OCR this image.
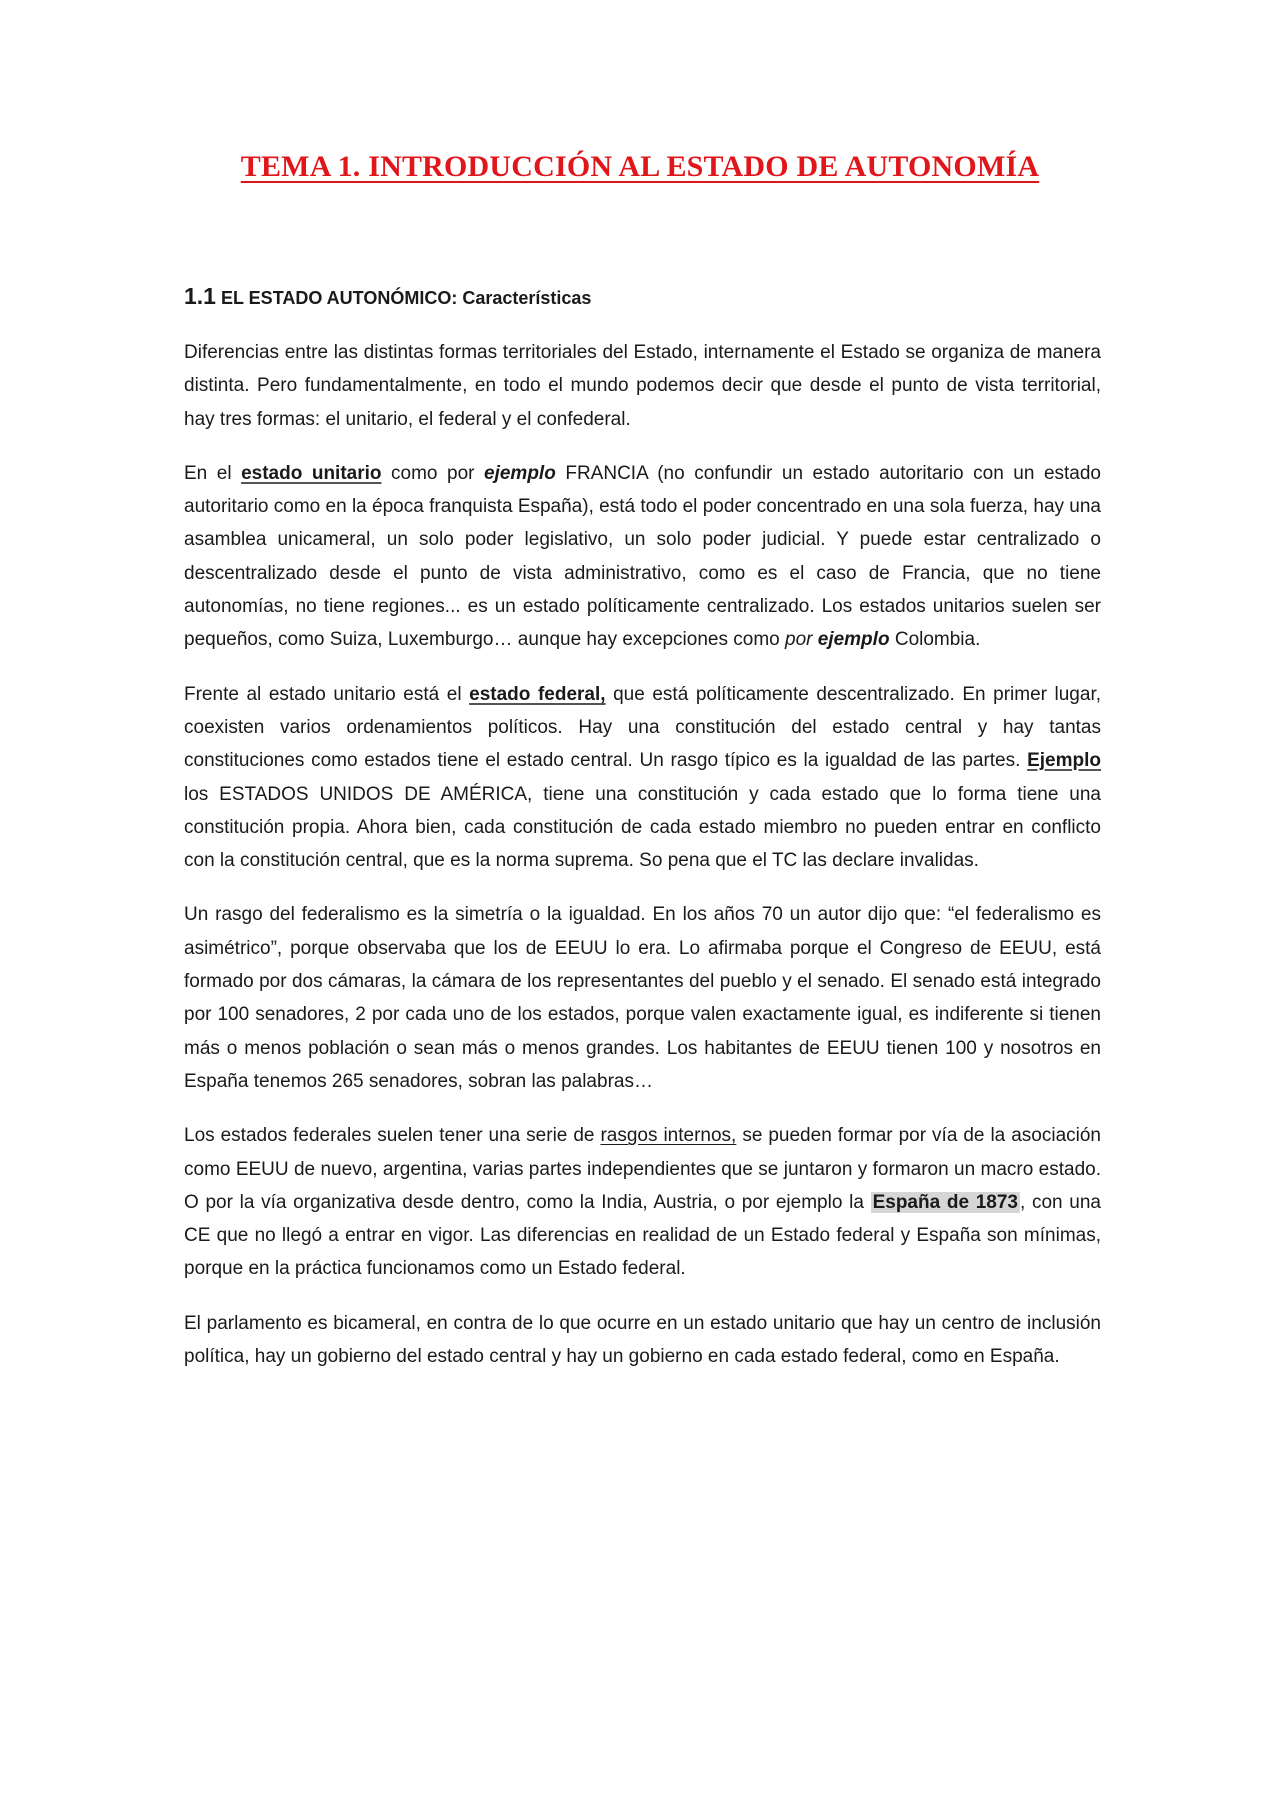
TEMA 1. INTRODUCCIÓN AL ESTADO DE AUTONOMÍA
1.1 EL ESTADO AUTONÓMICO: Características

Diferencias entre las distintas formas territoriales del Estado, internamente el Estado se organiza de manera distinta. Pero fundamentalmente, en todo el mundo podemos decir que desde el punto de vista territorial, hay tres formas: el unitario, el federal y el confederal.

En el estado unitario como por ejemplo FRANCIA (no confundir un estado autoritario con un estado autoritario como en la época franquista España), está todo el poder concentrado en una sola fuerza, hay una asamblea unicameral, un solo poder legislativo, un solo poder judicial. Y puede estar centralizado o descentralizado desde el punto de vista administrativo, como es el caso de Francia, que no tiene autonomías, no tiene regiones... es un estado políticamente centralizado. Los estados unitarios suelen ser pequeños, como Suiza, Luxemburgo… aunque hay excepciones como por ejemplo Colombia.

Frente al estado unitario está el estado federal, que está políticamente descentralizado. En primer lugar, coexisten varios ordenamientos políticos. Hay una constitución del estado central y hay tantas constituciones como estados tiene el estado central. Un rasgo típico es la igualdad de las partes. Ejemplo los ESTADOS UNIDOS DE AMÉRICA, tiene una constitución y cada estado que lo forma tiene una constitución propia. Ahora bien, cada constitución de cada estado miembro no pueden entrar en conflicto con la constitución central, que es la norma suprema. So pena que el TC las declare invalidas.

Un rasgo del federalismo es la simetría o la igualdad. En los años 70 un autor dijo que: “el federalismo es asimétrico”, porque observaba que los de EEUU lo era. Lo afirmaba porque el Congreso de EEUU, está formado por dos cámaras, la cámara de los representantes del pueblo y el senado. El senado está integrado por 100 senadores, 2 por cada uno de los estados, porque valen exactamente igual, es indiferente si tienen más o menos población o sean más o menos grandes. Los habitantes de EEUU tienen 100 y nosotros en España tenemos 265 senadores, sobran las palabras…

Los estados federales suelen tener una serie de rasgos internos, se pueden formar por vía de la asociación como EEUU de nuevo, argentina, varias partes independientes que se juntaron y formaron un macro estado. O por la vía organizativa desde dentro, como la India, Austria, o por ejemplo la España de 1873 , con una CE que no llegó a entrar en vigor. Las diferencias en realidad de un Estado federal y España son mínimas, porque en la práctica funcionamos como un Estado federal.

El parlamento es bicameral, en contra de lo que ocurre en un estado unitario que hay un centro de inclusión política, hay un gobierno del estado central y hay un gobierno en cada estado federal, como en España.
